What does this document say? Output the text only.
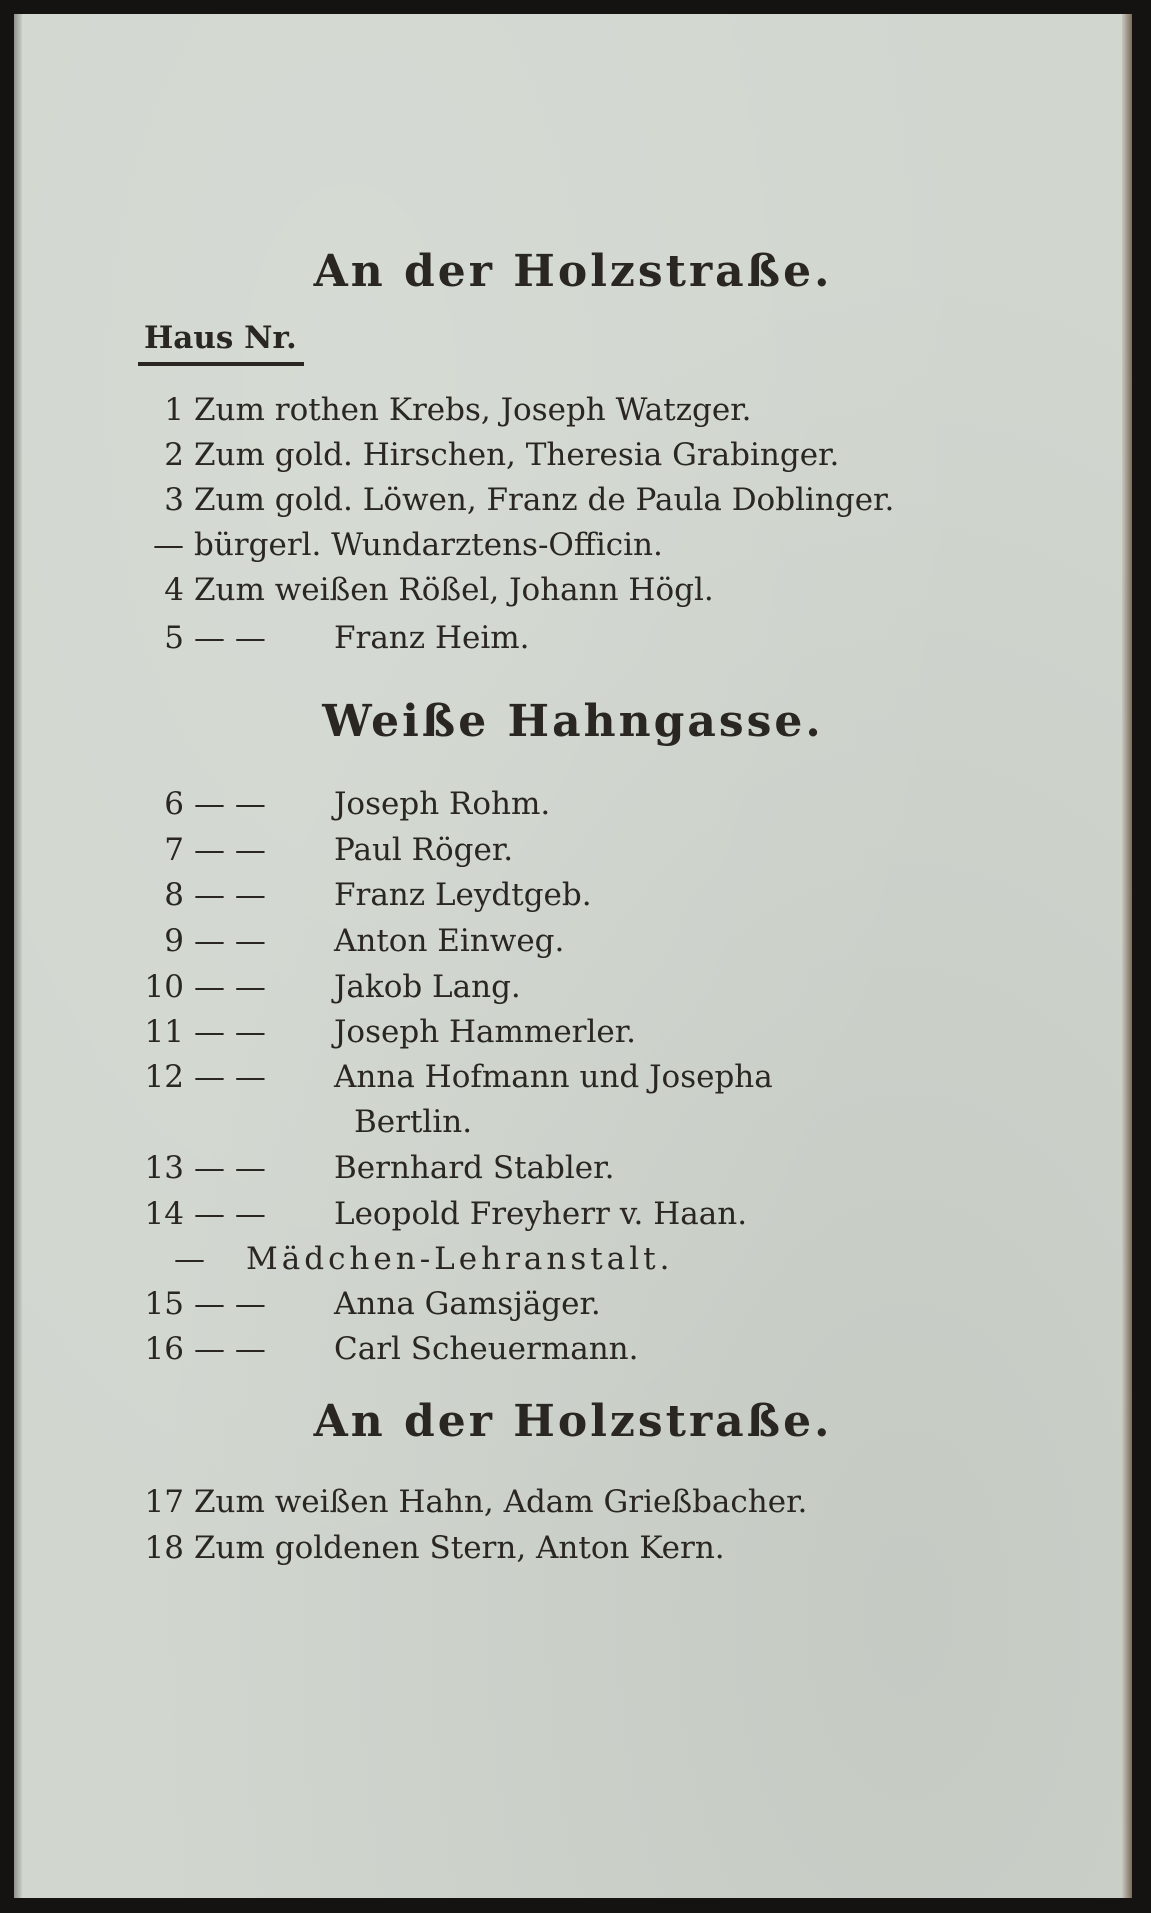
An der Holzstraße.
Haus Nr.
1 Zum rothen Krebs, Joseph Watzger.
2 Zum gold. Hirschen, Theresia Grabinger.
3 Zum gold. Löwen, Franz de Paula Doblinger.
— bürgerl. Wundarztens-Officin.
4 Zum weißen Rößel, Johann Högl.
5 — — Franz Heim.
Weiße Hahngasse.
6 — — Joseph Rohm.
7 — — Paul Röger.
8 — — Franz Leydtgeb.
9 — — Anton Einweg.
10 — — Jakob Lang.
11 — — Joseph Hammerler.
12 — — Anna Hofmann und Josepha
Bertlin.
13 — — Bernhard Stabler.
14 — — Leopold Freyherr v. Haan.
— Mädchen-Lehranstalt.
15 — — Anna Gamsjäger.
16 — — Carl Scheuermann.
An der Holzstraße.
17 Zum weißen Hahn, Adam Grießbacher.
18 Zum goldenen Stern, Anton Kern.
